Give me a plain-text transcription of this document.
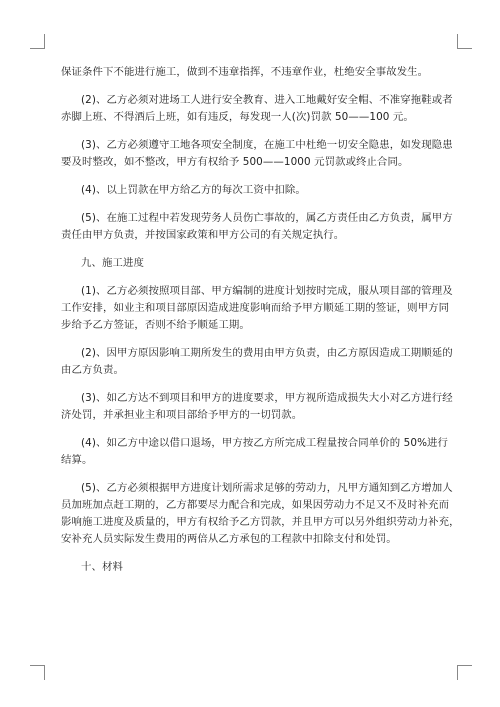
保证条件下不能进行施工，做到不违章指挥，不违章作业，杜绝安全事故发生。
(2)、乙方必须对进场工人进行安全教育、进入工地戴好安全帽、不准穿拖鞋或者
赤脚上班、不得酒后上班，如有违反，每发现一人(次)罚款 50——100 元。
(3)、乙方必须遵守工地各项安全制度，在施工中杜绝一切安全隐患，如发现隐患
要及时整改，如不整改，甲方有权给予 500——1000 元罚款或终止合同。
(4)、以上罚款在甲方给乙方的每次工资中扣除。
(5)、在施工过程中若发现劳务人员伤亡事故的，属乙方责任由乙方负责，属甲方
责任由甲方负责，并按国家政策和甲方公司的有关规定执行。
九、施工进度
(1)、乙方必须按照项目部、甲方编制的进度计划按时完成，服从项目部的管理及
工作安排，如业主和项目部原因造成进度影响而给予甲方顺延工期的签证，则甲方同
步给予乙方签证，否则不给予顺延工期。
(2)、因甲方原因影响工期所发生的费用由甲方负责，由乙方原因造成工期顺延的
由乙方负责。
(3)、如乙方达不到项目和甲方的进度要求，甲方视所造成损失大小对乙方进行经
济处罚，并承担业主和项目部给予甲方的一切罚款。
(4)、如乙方中途以借口退场，甲方按乙方所完成工程量按合同单价的 50%进行
结算。
(5)、乙方必须根据甲方进度计划所需求足够的劳动力，凡甲方通知到乙方增加人
员加班加点赶工期的，乙方都要尽力配合和完成，如果因劳动力不足又不及时补充而
影响施工进度及质量的，甲方有权给予乙方罚款，并且甲方可以另外组织劳动力补充，
安补充人员实际发生费用的两倍从乙方承包的工程款中扣除支付和处罚。
十、材料
